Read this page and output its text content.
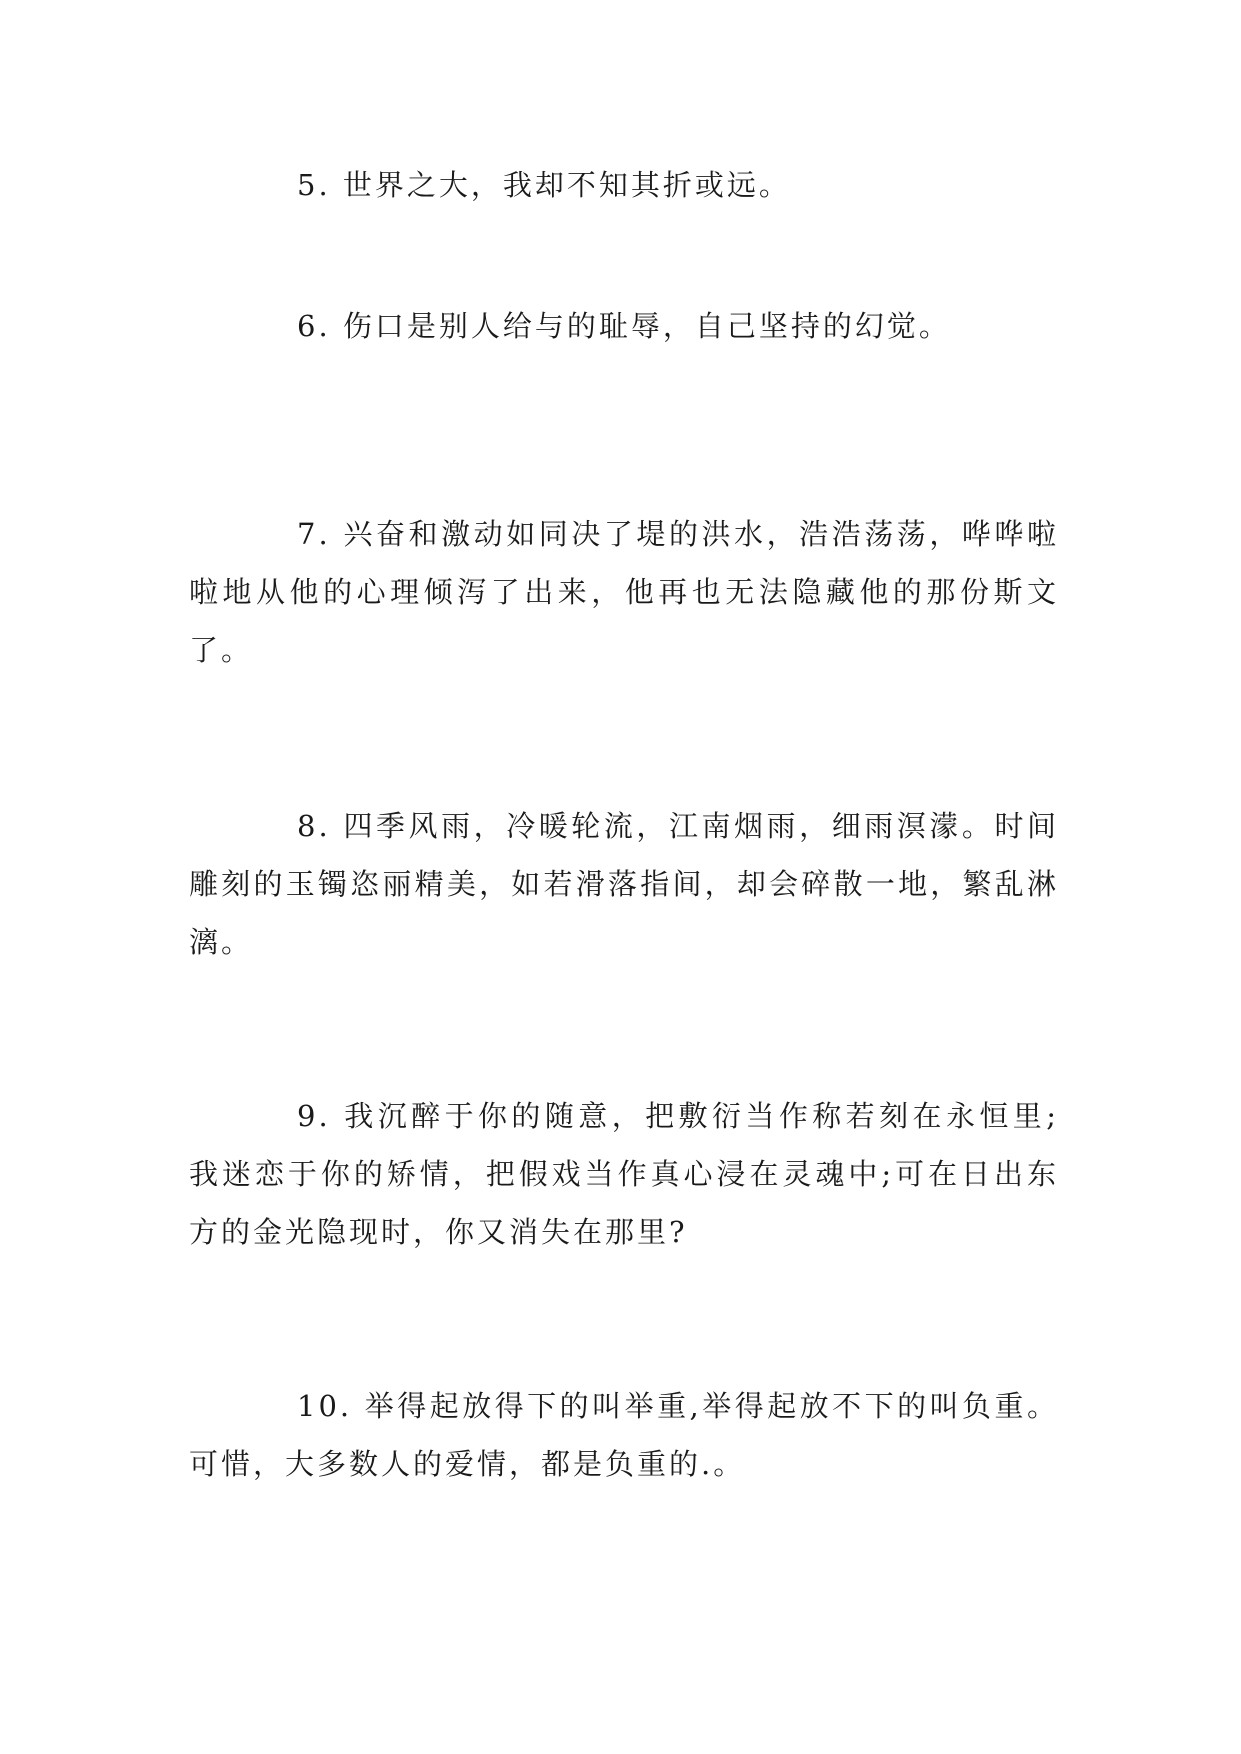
5. 世界之大，我却不知其折或远。

6. 伤口是别人给与的耻辱，自己坚持的幻觉。

7. 兴奋和激动如同决了堤的洪水，浩浩荡荡，哗哗啦啦地从他的心理倾泻了出来，他再也无法隐藏他的那份斯文了。

8. 四季风雨，冷暖轮流，江南烟雨，细雨溟濛。时间雕刻的玉镯恣丽精美，如若滑落指间，却会碎散一地，繁乱淋漓。

9. 我沉醉于你的随意，把敷衍当作称若刻在永恒里;我迷恋于你的矫情，把假戏当作真心浸在灵魂中;可在日出东方的金光隐现时，你又消失在那里?

10. 举得起放得下的叫举重,举得起放不下的叫负重。可惜，大多数人的爱情，都是负重的.。
